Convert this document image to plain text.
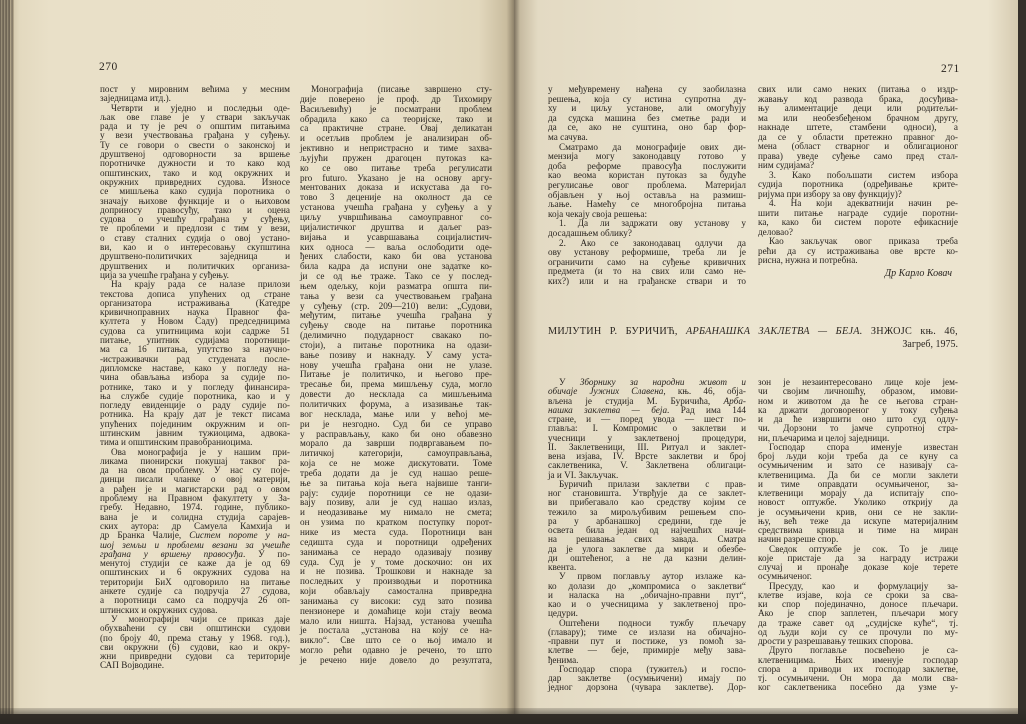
270	271
пост у мировним већима у месним
заједницама итд.).
Четврти и уједно и последњи оде-
љак ове главе је у ствари закључак
рада и ту је реч о општим питањима
у вези учествовања грађана у суђењу.
Ту се говори о свести о законској и
друштвеној одговорности за вршење
поротничке дужности и то како код
општинских, тако и код окружних и
окружних привредних судова. Износе
се мишљења како судија поротника о
значају њихове функције и о њиховом
доприносу правосуђу, тако и оцена
судова о учешћу грађана у суђењу,
те проблеми и предлози с тим у вези,
о ставу сталних судија о овој устано-
ви, као и о интересовању скупштина
друштвено-политичких заједница и
друштвених и политичких организа-
ција за учешће грађана у суђењу.
На крају рада се налазе прилози
текстова дописа упућених од стране
организатора истраживања (Катедре
кривичноправних наука Правног фа-
култета у Новом Саду) председницима
судова са упитницима који садрже 51
питање, упитник судијама поротници-
ма са 16 питања, упутство за научно-
-истраживачки рад студената после-
дипломске наставе, како у погледу на-
чина обављања избора за судије по-
ротнике, тако и у погледу финансира-
ња службе судије поротника, као и у
погледу евиденције о раду судије по-
ротника. На крају дат је текст писама
упућених појединим окружним и оп-
штинским јавним тужиоцима, адвока-
тима и општинским правобраниоцима.
Ова монографија је у нашим при-
ликама пионирски покушај таквог ра-
да на овом проблему. У нас су поје-
динци писали чланке о овој материји,
а рађен је и магистарски рад о овом
проблему на Правном факултету у За-
гребу. Недавно, 1974. године, публико-
вана је и солидна студија сарајев-
ских аутора: др Самуела Камхија и
др Бранка Чалије, Систем пороте у на-
шој земљи и проблеми везани за учешће
грађана у вршењу правосуђа. У по-
менутој студији се каже да је од 69
општинских и 6 окружних судова на
територији БиХ одговорило на питање
анкете судије са подручја 27 судова,
а поротници само са подручја 26 оп-
штинских и окружних судова.
У монографији чији се приказ даје
обухваћени су сви општински судови
(по броју 40, према стању у 1968. год.),
сви окружни (6) судови, као и окру-
жни привредни судови са територије
САП Војводине.
Монографија (писање завршено сту-
дије поверено је проф. др Тихомиру
Васиљевићу) је посматрани проблем
обрадила како са теоријске, тако и
са практичне стране. Овај деликатан
и осетљив проблем је анализиран об-
јективно и непристрасно и тиме захва-
љујући пружен драгоцен путоказ ка-
ко се ово питање треба регулисати
pro futuro. Указано је на основу аргу-
ментованих доказа и искустава да го-
тово 3 деценије на околност да се
установа учешћа грађана у суђењу а у
циљу учвршћивања самоуправног со-
цијалистичког друштва и даљег раз-
вијања и усавршавања социјалистич-
ких односа — ваља ослободити оде-
ђених слабости, како би ова установа
била кадра да испуни оне задатке ко-
ји се од ње траже. Тако се у послед-
њем одељку, који разматра општа пи-
тања у вези са учествовањем грађана
у суђењу (стр. 209—210) вели: „Судови,
међутим, питање учешћа грађана у
суђењу своде на питање поротника
(делимично подударност свакако по-
стоји), а питање поротника на одази-
вање позиву и накнаду. У саму уста-
нову учешћа грађана они не улазе.
Питање је политичко, и његово пре-
тресање би, према мишљењу суда, могло
довести до несклада са мишљењима
политичких форума, а изазивање так-
вог несклада, мање или у већој ме-
ри је незгодно. Суд би се управо
у расправљању, како би оно обавезно
морало да заврши подвргавањем по-
литичкој категорији, самоуправљања,
која се не може дискутовати. Томе
треба додати да је суд нашао реше-
ње за питања која њега највише танги-
рају: судије поротници се не одази-
вају позиву, али је суд нашао излаз,
и неодазивање му нимало не смета;
он узима по кратком поступку порот-
нике из места суда. Поротници ван
седишта суда и поротници одређених
занимања се нерадо одазивају позиву
суда. Суд је у томе доскочио: он их
и не позива. Трошкови и накнаде за
последњих у производњи и поротника
који обављају самостална привредна
занимања су високи: суд зато позива
пензионере и домаћице који стају веома
мало или ништа. Најзад, установа учешћа
је постала „установа на коју се на-
викло“. Све што се о њој имало и
могло рећи одавно је речено, то што
је речено није довело до резултата,
у међувремену нађена су заобилазна
решења, која су истина супротна ду-
ху и циљу установе, али омогућују
да судска машина без сметње ради и
да се, ако не суштина, оно бар фор-
ма сачува.
Сматрамо да монографије ових ди-
мензија могу законодавцу готово у
доба реформе правосуђа послужити
као веома користан путоказ за будуће
регулисање овог проблема. Материјал
објављен у њој оставља на размиш-
љање. Намећу се многобројна питања
која чекају своја решења:
1. Да ли задржати ову установу у
досадашњем облику?
2. Ако се законодавац одлучи да
ову установу реформише, треба ли је
ограничити само на суђење кривичних
предмета (и то на свих или само не-
ких?) или и на грађанске ствари и то
свих или само неких (питања о издр-
жавању код развода брака, досуђива-
њу алиментације деци или родитељи-
ма или необезбеђеном брачном другу,
накнаде штете, стамбени односи), а
да се у области претежно правног до-
мена (област стварног и облигационог
права) уведе суђење само пред стал-
ним судијама?
3. Како побољшати систем избора
судија поротника (одређивање крите-
ријума при избору за ову функцију)?
4. На који адекватнији начин ре-
шити питање награде судије поротни-
ка, како би систем пороте ефикасније
деловао?
Као закључак овог приказа треба
рећи да су истраживања ове врсте ко-
рисна, нужна и потребна.
Др Карло Ковач
МИЛУТИН Р. БУРИЧИЋ, АРБАНАШКА ЗАКЛЕТВА — БЕЈА. ЗНЖОЈС књ. 46,
Загреб, 1975.
У Зборнику за народни живот и
обичаје Јужних Славена, књ. 46, обја-
вљена је студија М. Буричића, Арба-
нашка заклетва — беја. Рад има 144
стране, и — поред увода — шест по-
главља: I. Компромис о заклетви и
учесници у заклетвеној процедури,
II. Заклетвеници, III. Ритуал и заклет-
вена изјава, IV. Врсте заклетви и број
саклетвеника, V. Заклетвена облигаци-
ја и VI. Закључак.
Буричић прилази заклетви с прав-
ног становишта. Утврђује да се заклет-
ви прибегавало као средству којим се
тежило за мирољубивим решењем спо-
ра у арбанашкој средини, где је
освета била један од најчешћих начи-
на решавања свих завада. Сматра
да је улога заклетве да мири и обезбе-
ди оштећеног, а не да казни делин-
квента.
У првом поглављу аутор излаже ка-
ко долази до „компромиса о заклетви“
и наласка на „обичајно-правни пут“,
као и о учесницима у заклетвеној про-
цедури.
Оштећени подноси тужбу пљечару
(главару); тиме се излази на обичајно-
-правни пут и постиже, уз помоћ за-
клетве — беје, примирје међу зава-
ђенима.
Господар спора (тужитељ) и госпо-
дар заклетве (осумњичени) имају по
једног дорзона (чувара заклетве). Дор-
зон је незаинтересовано лице које јем-
чи својим личношћу, образом, имови-
ном и животом да ће се његова стран-
ка држати договореног у току суђења
и да ће извршити оно што суд одлу-
чи. Дорзони то јамче супротној стра-
ни, пљечарима и целој заједници.
Господар спора именује известан
број људи који треба да се куну са
осумњиченим и зато се називају са-
клетвеницима. Да би се могли заклети
и тиме оправдати осумњиченог, за-
клетвеници морају да испитају спо-
новост оптужбе. Уколико открију да
је осумњичени крив, они се не закли-
њу, већ теже да искупе материјалним
средствима кривца и тиме на миран
начин разреше спор.
Сведок оптужбе је сок. То је лице
које пристаје да за награду истражи
случај и пронађе доказе које терете
осумњиченог.
Пресуду, као и формулацију за-
клетве изјаве, која се сроки за сва-
ки спор појединачно, доносе пљечари.
Ако је спор заплетен, пљечари могу
да траже савет од „судијске куће“, тј.
од људи који су се прочули по му-
дрости у разрешавању тешких спорова.
Друго поглавље посвећено је са-
клетвеницима. Њих именује господар
спора а приводи их господар заклетве,
тј. осумњичени. Он мора да моли сва-
ког саклетвеника посебно да узме у-
